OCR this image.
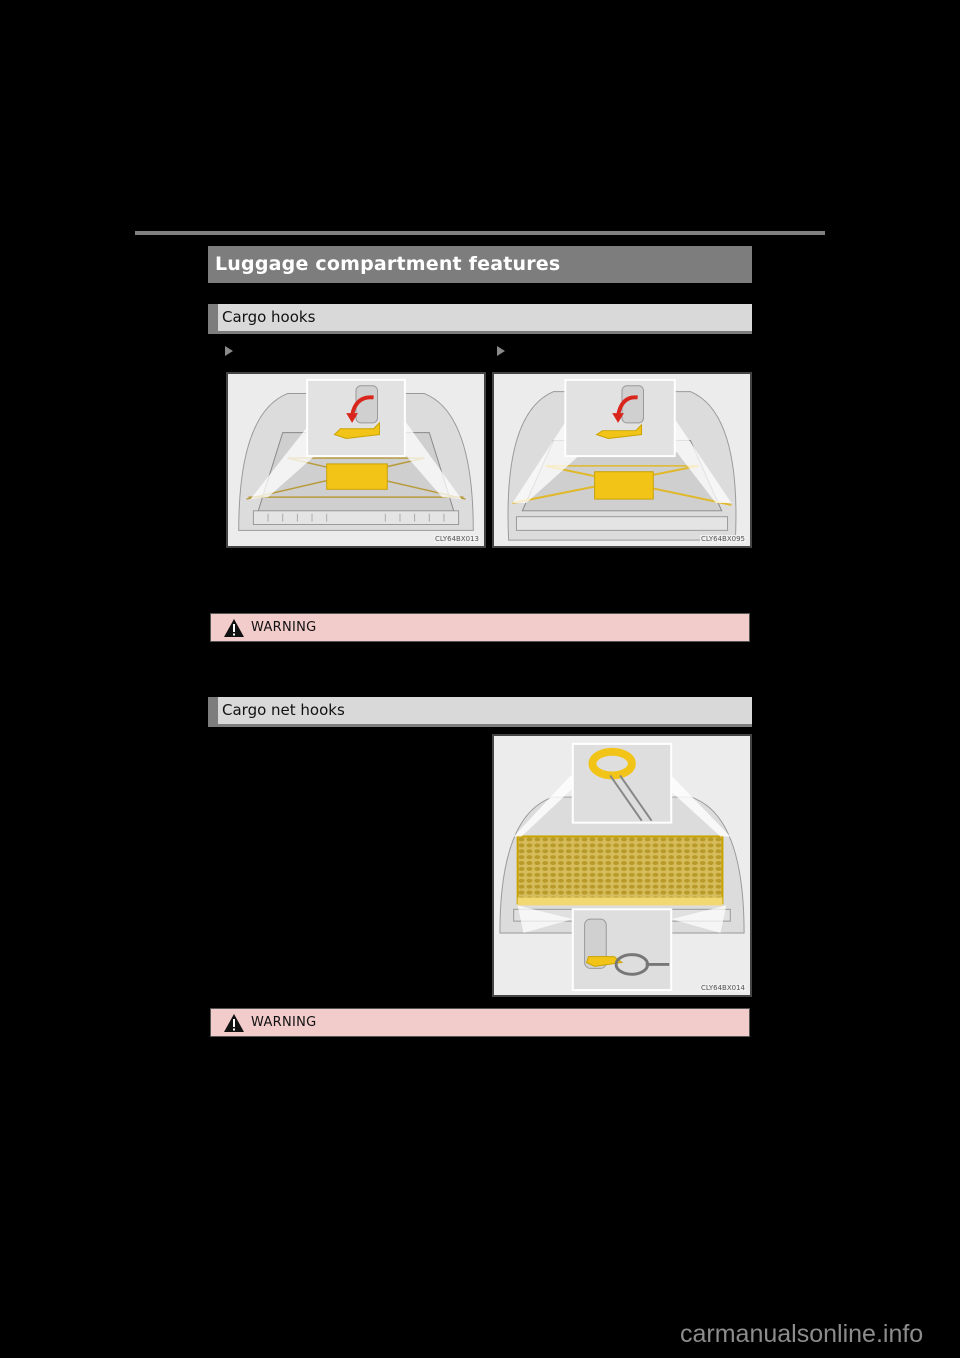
Luggage compartment features
Cargo hooks
CLY64BX013	CLY64BX095
WARNING
Cargo net hooks
CLY64BX014
WARNING
carmanualsonline.info
